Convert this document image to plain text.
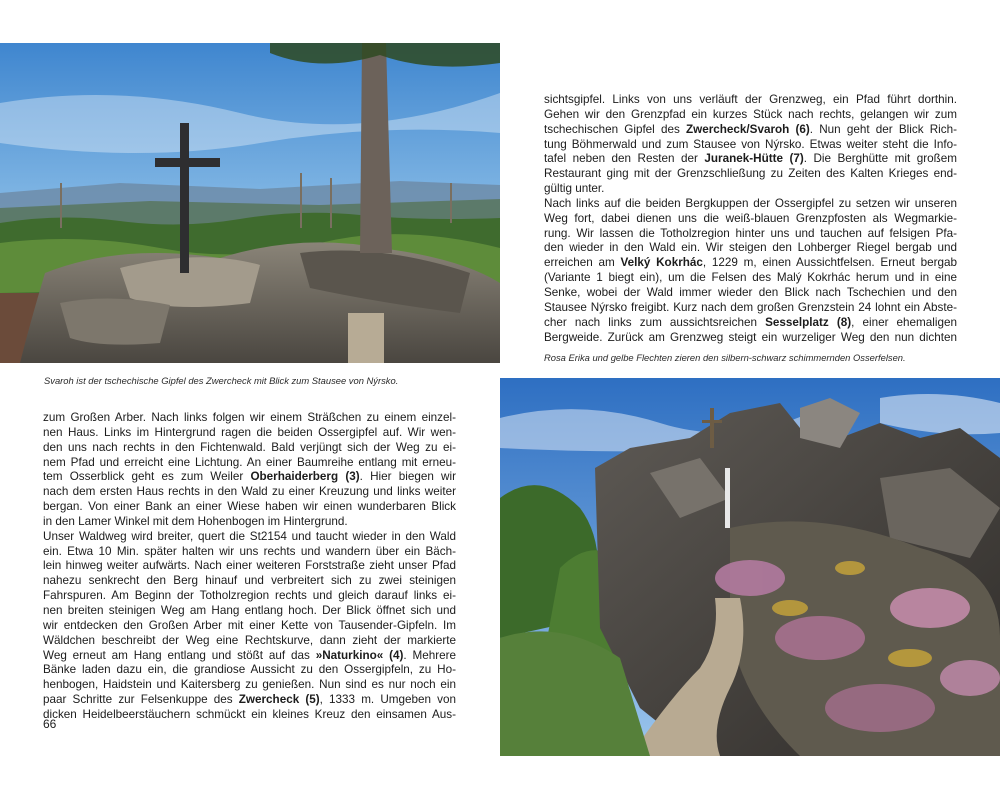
Svaroh ist der tschechische Gipfel des Zwercheck mit Blick zum Stausee von Nýrsko.
Rosa Erika und gelbe Flechten zieren den silbern-schwarz schimmernden Osserfelsen.
zum Großen Arber. Nach links folgen wir einem Sträßchen zu einem einzel-
nen Haus. Links im Hintergrund ragen die beiden Ossergipfel auf. Wir wen-
den uns nach rechts in den Fichtenwald. Bald verjüngt sich der Weg zu ei-
nem Pfad und erreicht eine Lichtung. An einer Baumreihe entlang mit erneu-
tem Osserblick geht es zum Weiler Oberhaiderberg (3). Hier biegen wir
nach dem ersten Haus rechts in den Wald zu einer Kreuzung und links weiter
bergan. Von einer Bank an einer Wiese haben wir einen wunderbaren Blick
in den Lamer Winkel mit dem Hohenbogen im Hintergrund.
Unser Waldweg wird breiter, quert die St2154 und taucht wieder in den Wald
ein. Etwa 10 Min. später halten wir uns rechts und wandern über ein Bäch-
lein hinweg weiter aufwärts. Nach einer weiteren Forststraße zieht unser Pfad
nahezu senkrecht den Berg hinauf und verbreitert sich zu zwei steinigen
Fahrspuren. Am Beginn der Totholzregion rechts und gleich darauf links ei-
nen breiten steinigen Weg am Hang entlang hoch. Der Blick öffnet sich und
wir entdecken den Großen Arber mit einer Kette von Tausender-Gipfeln. Im
Wäldchen beschreibt der Weg eine Rechtskurve, dann zieht der markierte
Weg erneut am Hang entlang und stößt auf das »Naturkino« (4). Mehrere
Bänke laden dazu ein, die grandiose Aussicht zu den Ossergipfeln, zu Ho-
henbogen, Haidstein und Kaitersberg zu genießen. Nun sind es nur noch ein
paar Schritte zur Felsenkuppe des Zwercheck (5), 1333 m. Umgeben von
dicken Heidelbeerstäuchern schmückt ein kleines Kreuz den einsamen Aus-
sichtsgipfel. Links von uns verläuft der Grenzweg, ein Pfad führt dorthin.
Gehen wir den Grenzpfad ein kurzes Stück nach rechts, gelangen wir zum
tschechischen Gipfel des Zwercheck/Svaroh (6). Nun geht der Blick Rich-
tung Böhmerwald und zum Stausee von Nýrsko. Etwas weiter steht die Info-
tafel neben den Resten der Juranek-Hütte (7). Die Berghütte mit großem
Restaurant ging mit der Grenzschließung zu Zeiten des Kalten Krieges end-
gültig unter.
Nach links auf die beiden Bergkuppen der Ossergipfel zu setzen wir unseren
Weg fort, dabei dienen uns die weiß-blauen Grenzpfosten als Wegmarkie-
rung. Wir lassen die Totholzregion hinter uns und tauchen auf felsigen Pfa-
den wieder in den Wald ein. Wir steigen den Lohberger Riegel bergab und
erreichen am Velký Kokrhác, 1229 m, einen Aussichtfelsen. Erneut bergab
(Variante 1 biegt ein), um die Felsen des Malý Kokrhác herum und in eine
Senke, wobei der Wald immer wieder den Blick nach Tschechien und den
Stausee Nýrsko freigibt. Kurz nach dem großen Grenzstein 24 lohnt ein Abste-
cher nach links zum aussichtsreichen Sesselplatz (8), einer ehemaligen
Bergweide. Zurück am Grenzweg steigt ein wurzeliger Weg den nun dichten
66
